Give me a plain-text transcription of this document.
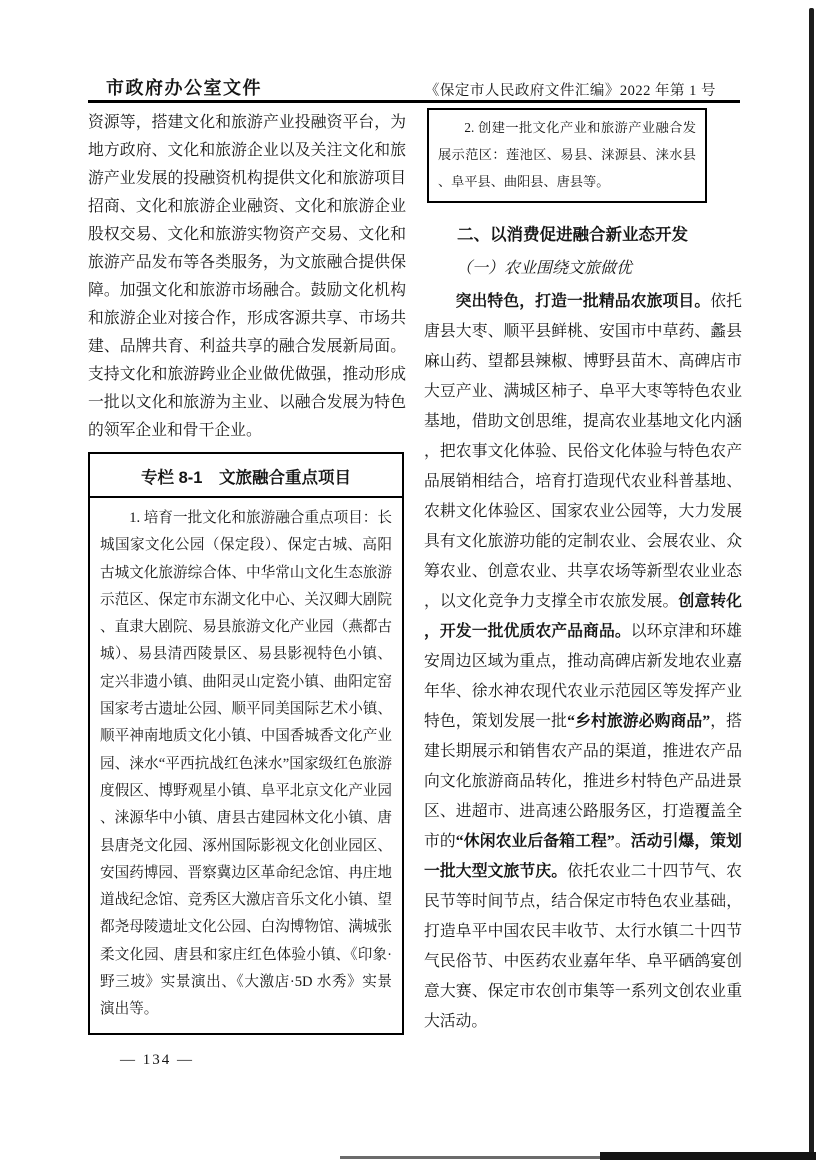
市政府办公室文件	《保定市人民政府文件汇编》2022 年第 1 号
资源等，搭建文化和旅游产业投融资平台，为地方政府、文化和旅游企业以及关注文化和旅游产业发展的投融资机构提供文化和旅游项目招商、文化和旅游企业融资、文化和旅游企业股权交易、文化和旅游实物资产交易、文化和旅游产品发布等各类服务，为文旅融合提供保障。加强文化和旅游市场融合。鼓励文化机构和旅游企业对接合作，形成客源共享、市场共建、品牌共育、利益共享的融合发展新局面。支持文化和旅游跨业企业做优做强，推动形成一批以文化和旅游为主业、以融合发展为特色的领军企业和骨干企业。
专栏 8-1　文旅融合重点项目
1. 培育一批文化和旅游融合重点项目：长城国家文化公园（保定段）、保定古城、高阳古城文化旅游综合体、中华常山文化生态旅游示范区、保定市东湖文化中心、关汉卿大剧院、直隶大剧院、易县旅游文化产业园（燕都古城）、易县清西陵景区、易县影视特色小镇、定兴非遗小镇、曲阳灵山定瓷小镇、曲阳定窑国家考古遗址公园、顺平同美国际艺术小镇、顺平神南地质文化小镇、中国香城香文化产业园、涞水“平西抗战红色涞水”国家级红色旅游度假区、博野观星小镇、阜平北京文化产业园、涞源华中小镇、唐县古建园林文化小镇、唐县唐尧文化园、涿州国际影视文化创业园区、安国药博园、晋察冀边区革命纪念馆、冉庄地道战纪念馆、竞秀区大激店音乐文化小镇、望都尧母陵遗址文化公园、白沟博物馆、满城张柔文化园、唐县和家庄红色体验小镇、《印象·野三坡》实景演出、《大激店·5D 水秀》实景演出等。
2. 创建一批文化产业和旅游产业融合发展示范区：莲池区、易县、涞源县、涞水县、阜平县、曲阳县、唐县等。
二、以消费促进融合新业态开发
（一）农业围绕文旅做优
突出特色，打造一批精品农旅项目。依托唐县大枣、顺平县鲜桃、安国市中草药、蠡县麻山药、望都县辣椒、博野县苗木、高碑店市大豆产业、满城区柿子、阜平大枣等特色农业基地，借助文创思维，提高农业基地文化内涵，把农事文化体验、民俗文化体验与特色农产品展销相结合，培育打造现代农业科普基地、农耕文化体验区、国家农业公园等，大力发展具有文化旅游功能的定制农业、会展农业、众筹农业、创意农业、共享农场等新型农业业态，以文化竞争力支撑全市农旅发展。创意转化，开发一批优质农产品商品。以环京津和环雄安周边区域为重点，推动高碑店新发地农业嘉年华、徐水神农现代农业示范园区等发挥产业特色，策划发展一批“乡村旅游必购商品”，搭建长期展示和销售农产品的渠道，推进农产品向文化旅游商品转化，推进乡村特色产品进景区、进超市、进高速公路服务区，打造覆盖全市的“休闲农业后备箱工程”。活动引爆，策划一批大型文旅节庆。依托农业二十四节气、农民节等时间节点，结合保定市特色农业基础，打造阜平中国农民丰收节、太行水镇二十四节气民俗节、中医药农业嘉年华、阜平硒鸽宴创意大赛、保定市农创市集等一系列文创农业重大活动。
— 134 —
